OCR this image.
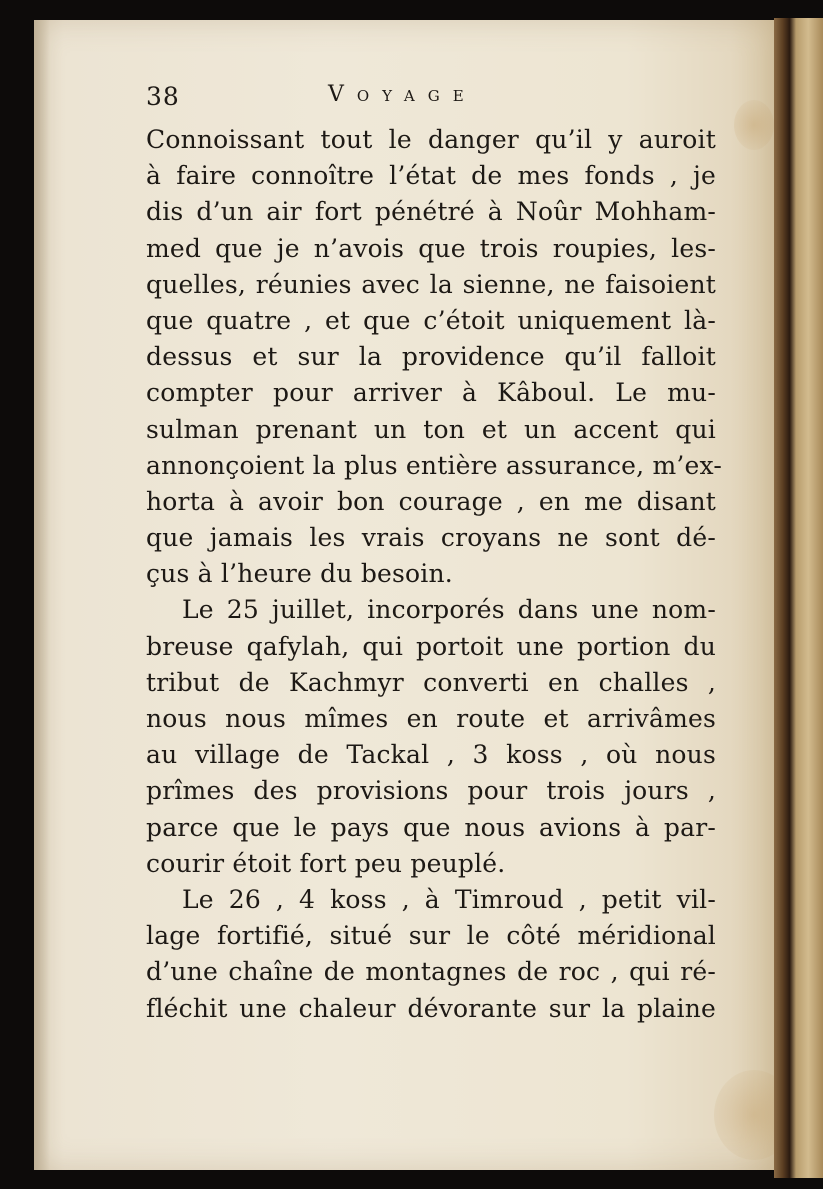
38	Voyage
Connoissant tout le danger qu’il y auroit
à faire connoître l’état de mes fonds , je
dis d’un air fort pénétré à Noûr Mohham-
med que je n’avois que trois roupies, les-
quelles, réunies avec la sienne, ne faisoient
que quatre , et que c’étoit uniquement là-
dessus et sur la providence qu’il falloit
compter pour arriver à Kâboul. Le mu-
sulman prenant un ton et un accent qui
annonçoient la plus entière assurance, m’ex-
horta à avoir bon courage , en me disant
que jamais les vrais croyans ne sont dé-
çus à l’heure du besoin.
Le 25 juillet, incorporés dans une nom-
breuse qafylah, qui portoit une portion du
tribut de Kachmyr converti en challes ,
nous nous mîmes en route et arrivâmes
au village de Tackal , 3 koss , où nous
prîmes des provisions pour trois jours ,
parce que le pays que nous avions à par-
courir étoit fort peu peuplé.
Le 26 , 4 koss , à Timroud , petit vil-
lage fortifié, situé sur le côté méridional
d’une chaîne de montagnes de roc , qui ré-
fléchit une chaleur dévorante sur la plaine
